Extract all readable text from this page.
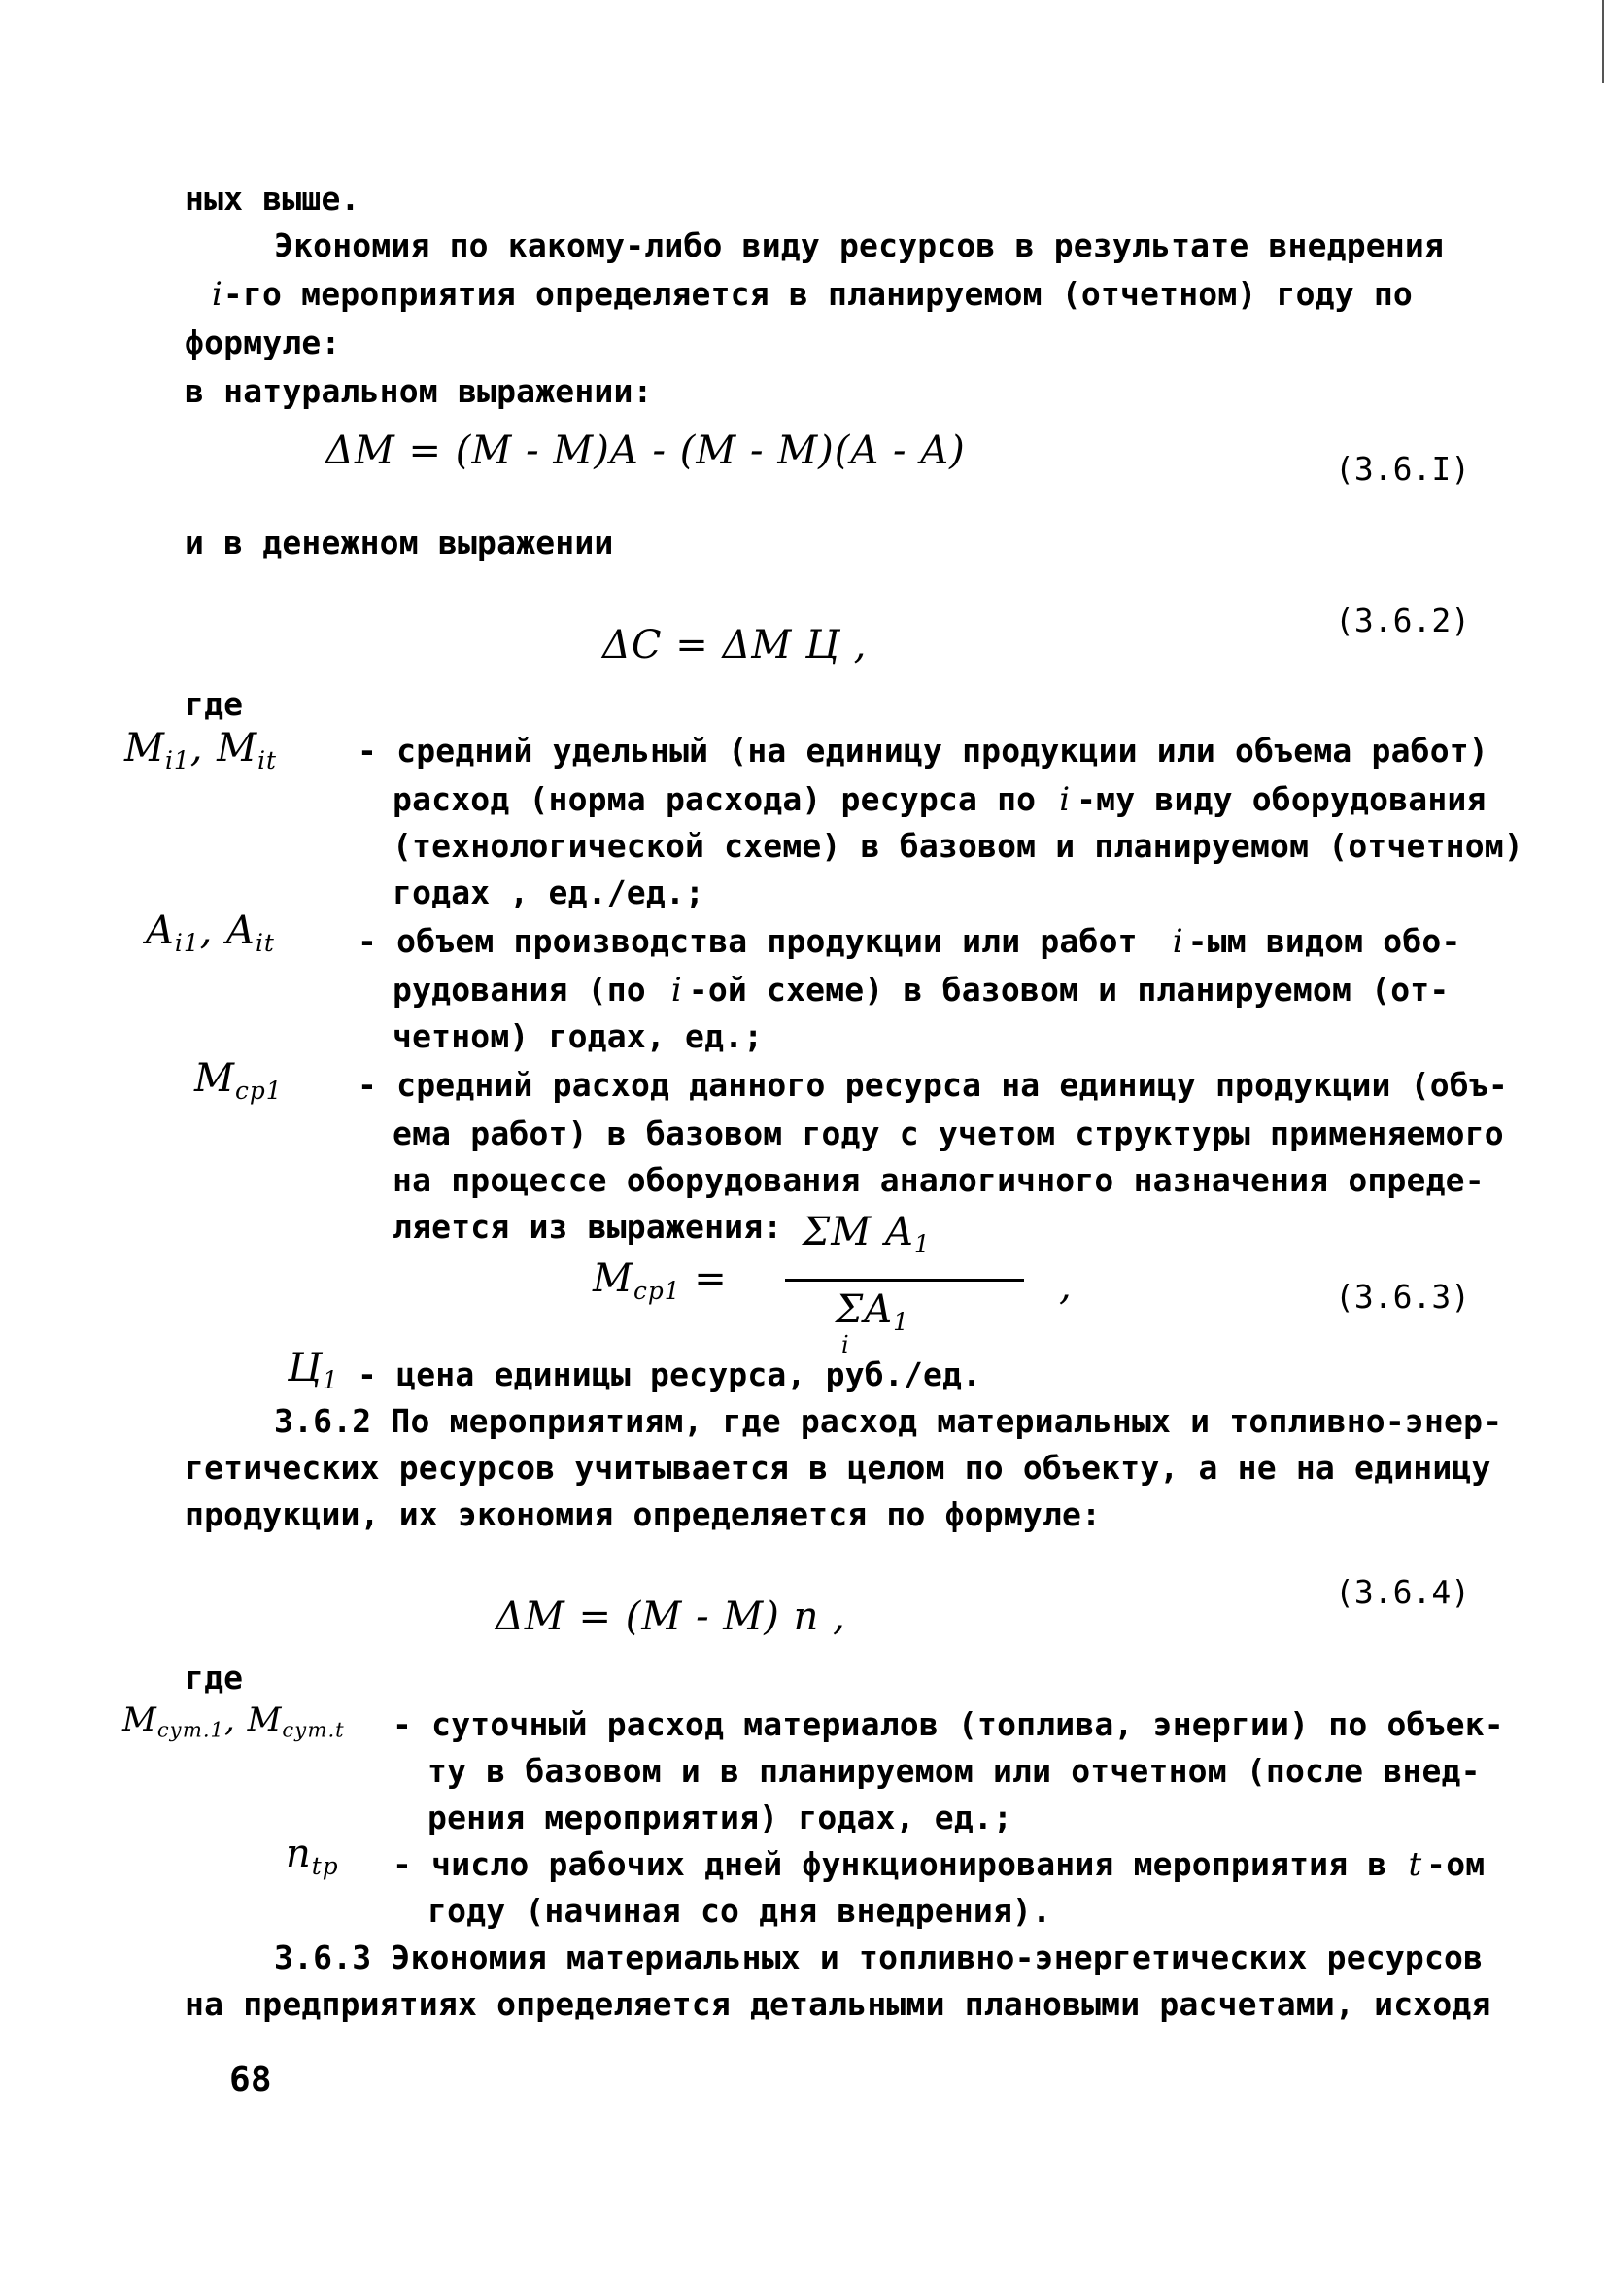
ных выше.
Экономия по какому-либо виду ресурсов в результате внедрения
i-го мероприятия определяется в планируемом (отчетном) году по
формуле:
в натуральном выражении:
ΔM = (M - M)A - (M - M)(A - A)	(3.6.I)
и в денежном выражении
ΔC = ΔM Ц ,
(3.6.2)
где
$M_{i1}$, $M_{it}$	- средний удельный (на единицу продукции или объема работ)
расход (норма расхода) ресурса по i -му виду оборудования
(технологической схеме) в базовом и планируемом (отчетном)
годах , ед./ед.;
$A_{i1}$, $A_{it}$	- объем производства продукции или работ i -ым видом обо-
рудования (по i -ой схеме) в базовом и планируемом (от-
четном) годах, ед.;
$M_{ср1}$ - средний расход данного ресурса на единицу продукции (объ-
ема работ) в базовом году с учетом структуры применяемого
на процессе оборудования аналогичного назначения опреде-
ляется из выражения:
$M_{ср1}$ =
ΣM $A_1$
$\Sigma A_1$
i
,	(3.6.3)
$Ц_1$ - цена единицы ресурса, руб./ед.
3.6.2 По мероприятиям, где расход материальных и топливно-энер-
гетических ресурсов учитывается в целом по объекту, а не на единицу
продукции, их экономия определяется по формуле:
ΔM = (M - M) n ,
(3.6.4)
где
$M_{сут.1}$, $M_{сут.t}$ - суточный расход материалов (топлива, энергии) по объек-
ту в базовом и в планируемом или отчетном (после внед-
рения мероприятия) годах, ед.;
$n_{tр}$ - число рабочих дней функционирования мероприятия в t -ом
году (начиная со дня внедрения).
3.6.3 Экономия материальных и топливно-энергетических ресурсов
на предприятиях определяется детальными плановыми расчетами, исходя
68
